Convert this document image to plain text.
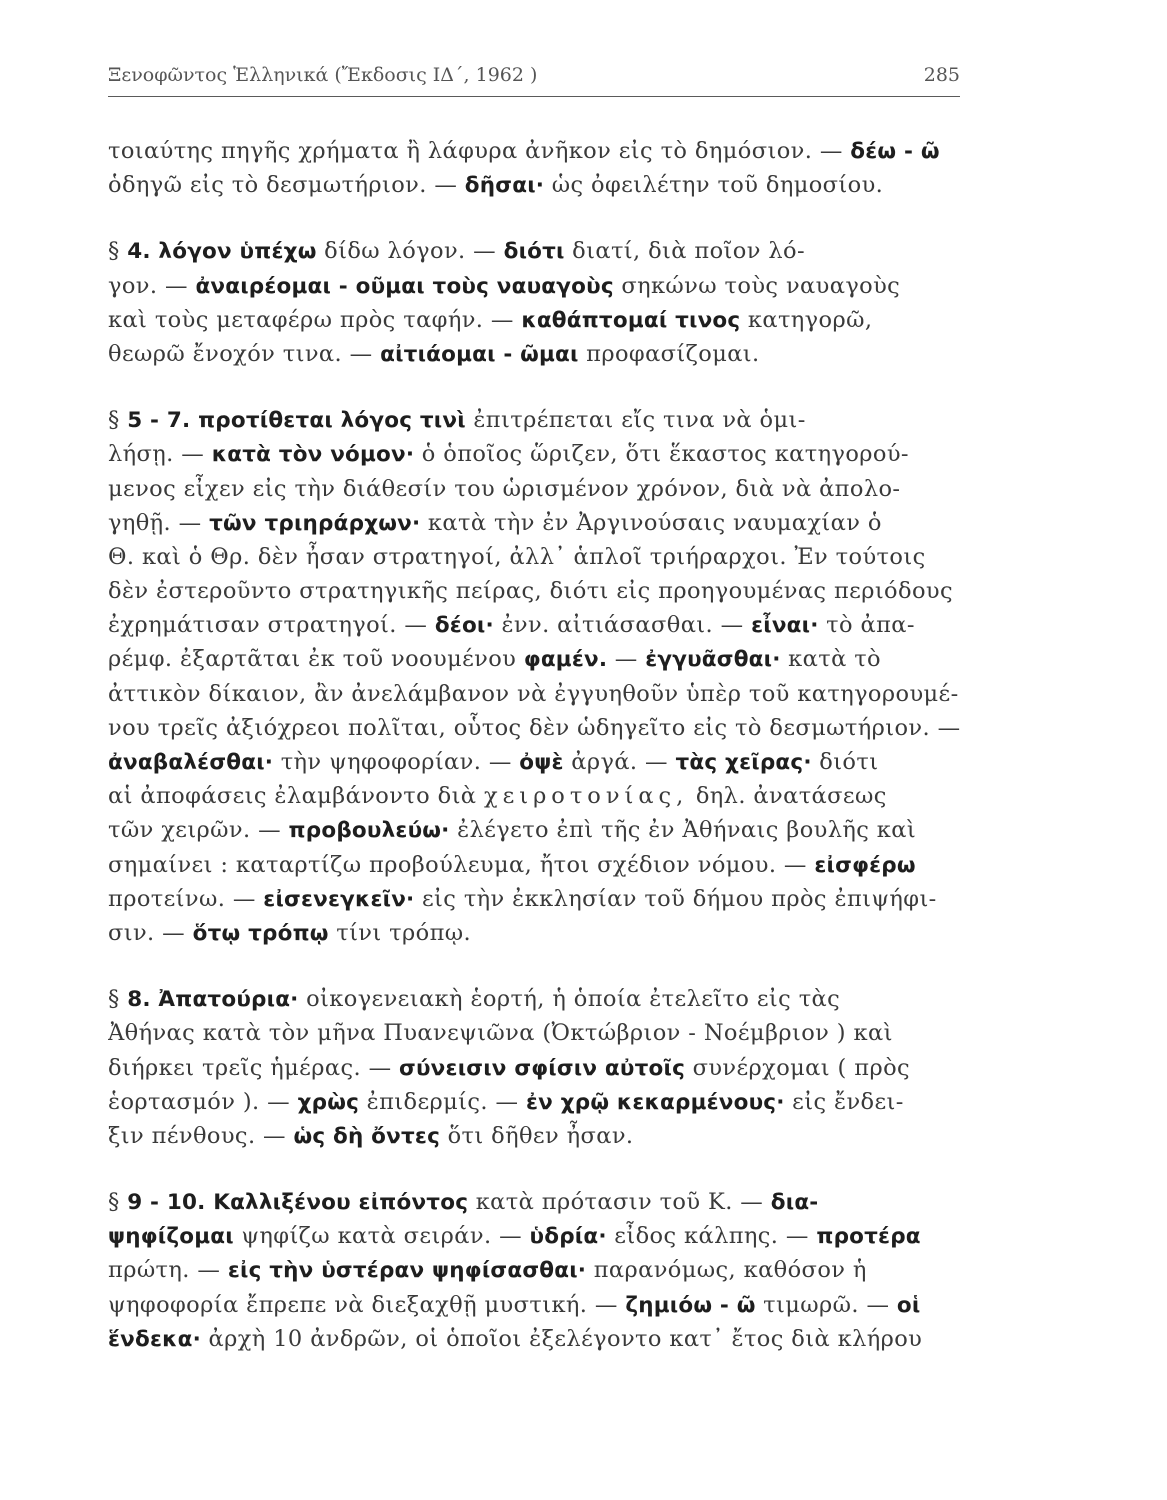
Ξενοφῶντος Ἑλληνικά (Ἔκδοσις ΙΔ΄, 1962 )	285
τοιαύτης πηγῆς χρήματα ἢ λάφυρα ἀνῆκον εἰς τὸ δημόσιον. — δέω - ῶ
ὁδηγῶ εἰς τὸ δεσμωτήριον. — δῆσαι· ὡς ὀφειλέτην τοῦ δημοσίου.
§ 4. λόγον ὑπέχω δίδω λόγον. — διότι διατί, διὰ ποῖον λό-
γον. — ἀναιρέομαι - οῦμαι τοὺς ναυαγοὺς σηκώνω τοὺς ναυαγοὺς
καὶ τοὺς μεταφέρω πρὸς ταφήν. — καθάπτομαί τινος κατηγορῶ,
θεωρῶ ἔνοχόν τινα. — αἰτιάομαι - ῶμαι προφασίζομαι.
§ 5 - 7. προτίθεται λόγος τινὶ ἐπιτρέπεται εἴς τινα νὰ ὁμι-
λήσῃ. — κατὰ τὸν νόμον· ὁ ὁποῖος ὥριζεν, ὅτι ἕκαστος κατηγορού-
μενος εἶχεν εἰς τὴν διάθεσίν του ὡρισμένον χρόνον, διὰ νὰ ἀπολο-
γηθῇ. — τῶν τριηράρχων· κατὰ τὴν ἐν Ἀργινούσαις ναυμαχίαν ὁ
Θ. καὶ ὁ Θρ. δὲν ἦσαν στρατηγοί, ἀλλ᾽ ἁπλοῖ τριήραρχοι. Ἐν τούτοις
δὲν ἐστεροῦντο στρατηγικῆς πείρας, διότι εἰς προηγουμένας περιόδους
ἐχρημάτισαν στρατηγοί. — δέοι· ἐνν. αἰτιάσασθαι. — εἶναι· τὸ ἀπα-
ρέμφ. ἐξαρτᾶται ἐκ τοῦ νοουμένου φαμέν. — ἐγγυᾶσθαι· κατὰ τὸ
ἀττικὸν δίκαιον, ἂν ἀνελάμβανον νὰ ἐγγυηθοῦν ὑπὲρ τοῦ κατηγορουμέ-
νου τρεῖς ἀξιόχρεοι πολῖται, οὗτος δὲν ὡδηγεῖτο εἰς τὸ δεσμωτήριον. —
ἀναβαλέσθαι· τὴν ψηφοφορίαν. — ὀψὲ ἀργά. — τὰς χεῖρας· διότι
αἱ ἀποφάσεις ἐλαμβάνοντο διὰ χειροτονίας, δηλ. ἀνατάσεως
τῶν χειρῶν. — προβουλεύω· ἐλέγετο ἐπὶ τῆς ἐν Ἀθήναις βουλῆς καὶ
σημαίνει : καταρτίζω προβούλευμα, ἤτοι σχέδιον νόμου. — εἰσφέρω
προτείνω. — εἰσενεγκεῖν· εἰς τὴν ἐκκλησίαν τοῦ δήμου πρὸς ἐπιψήφι-
σιν. — ὅτῳ τρόπῳ τίνι τρόπῳ.
§ 8. Ἀπατούρια· οἰκογενειακὴ ἑορτή, ἡ ὁποία ἐτελεῖτο εἰς τὰς
Ἀθήνας κατὰ τὸν μῆνα Πυανεψιῶνα (Ὀκτώβριον - Νοέμβριον ) καὶ
διήρκει τρεῖς ἡμέρας. — σύνεισιν σφίσιν αὐτοῖς συνέρχομαι ( πρὸς
ἑορτασμόν ). — χρὼς ἐπιδερμίς. — ἐν χρῷ κεκαρμένους· εἰς ἔνδει-
ξιν πένθους. — ὡς δὴ ὄντες ὅτι δῆθεν ἦσαν.
§ 9 - 10. Καλλιξένου εἰπόντος κατὰ πρότασιν τοῦ Κ. — δια-
ψηφίζομαι ψηφίζω κατὰ σειράν. — ὑδρία· εἶδος κάλπης. — προτέρα
πρώτη. — εἰς τὴν ὑστέραν ψηφίσασθαι· παρανόμως, καθόσον ἡ
ψηφοφορία ἔπρεπε νὰ διεξαχθῇ μυστική. — ζημιόω - ῶ τιμωρῶ. — οἱ
ἕνδεκα· ἀρχὴ 10 ἀνδρῶν, οἱ ὁποῖοι ἐξελέγοντο κατ᾽ ἔτος διὰ κλήρου
